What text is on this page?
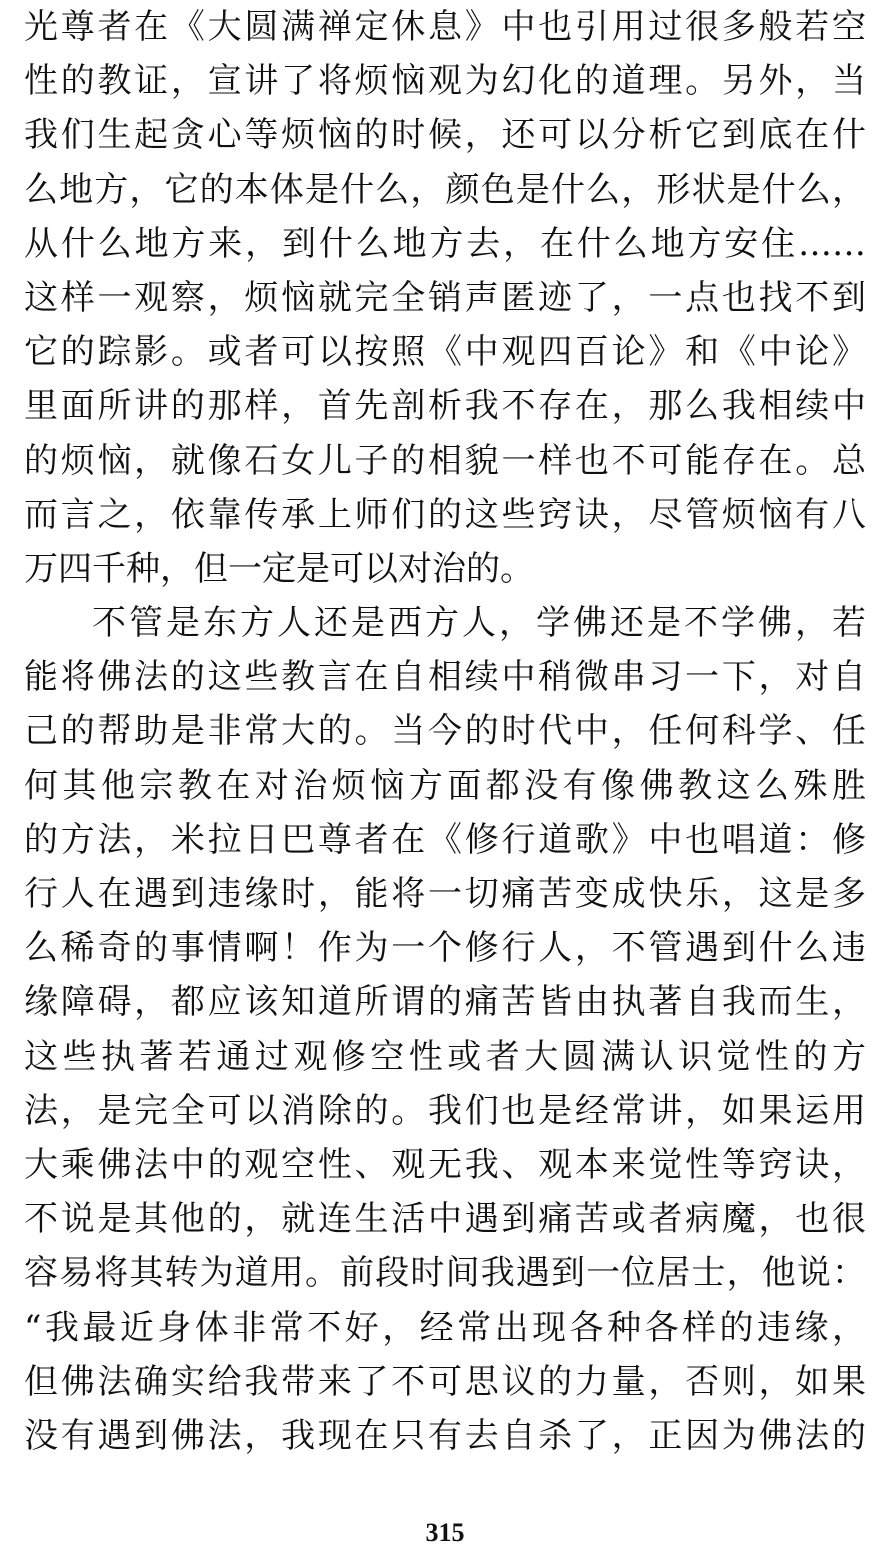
光尊者在《大圆满禅定休息》中也引用过很多般若空
性的教证，宣讲了将烦恼观为幻化的道理。另外，当
我们生起贪心等烦恼的时候，还可以分析它到底在什
么地方，它的本体是什么，颜色是什么，形状是什么，
从什么地方来，到什么地方去，在什么地方安住……
这样一观察，烦恼就完全销声匿迹了，一点也找不到
它的踪影。或者可以按照《中观四百论》和《中论》
里面所讲的那样，首先剖析我不存在，那么我相续中
的烦恼，就像石女儿子的相貌一样也不可能存在。总
而言之，依靠传承上师们的这些窍诀，尽管烦恼有八
万四千种，但一定是可以对治的。
不管是东方人还是西方人，学佛还是不学佛，若
能将佛法的这些教言在自相续中稍微串习一下，对自
己的帮助是非常大的。当今的时代中，任何科学、任
何其他宗教在对治烦恼方面都没有像佛教这么殊胜
的方法，米拉日巴尊者在《修行道歌》中也唱道：修
行人在遇到违缘时，能将一切痛苦变成快乐，这是多
么稀奇的事情啊！作为一个修行人，不管遇到什么违
缘障碍，都应该知道所谓的痛苦皆由执著自我而生，
这些执著若通过观修空性或者大圆满认识觉性的方
法，是完全可以消除的。我们也是经常讲，如果运用
大乘佛法中的观空性、观无我、观本来觉性等窍诀，
不说是其他的，就连生活中遇到痛苦或者病魔，也很
容易将其转为道用。前段时间我遇到一位居士，他说：
“我最近身体非常不好，经常出现各种各样的违缘，
但佛法确实给我带来了不可思议的力量，否则，如果
没有遇到佛法，我现在只有去自杀了，正因为佛法的
315
